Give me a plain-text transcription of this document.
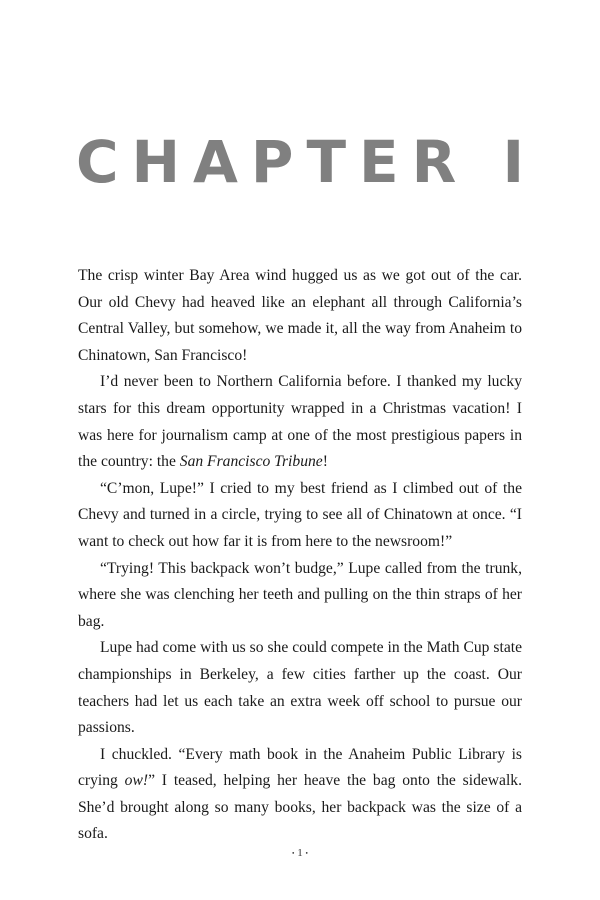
CHAPTER I

The crisp winter Bay Area wind hugged us as we got out of the car. Our old Chevy had heaved like an elephant all through California’s Central Valley, but somehow, we made it, all the way from Anaheim to Chinatown, San Francisco!

I’d never been to Northern California before. I thanked my lucky stars for this dream opportunity wrapped in a Christmas vacation! I was here for journalism camp at one of the most prestigious papers in the country: the San Francisco Tribune!

“C’mon, Lupe!” I cried to my best friend as I climbed out of the Chevy and turned in a circle, trying to see all of Chinatown at once. “I want to check out how far it is from here to the newsroom!”

“Trying! This backpack won’t budge,” Lupe called from the trunk, where she was clenching her teeth and pulling on the thin straps of her bag.

Lupe had come with us so she could compete in the Math Cup state championships in Berkeley, a few cities farther up the coast. Our teachers had let us each take an extra week off school to pursue our passions.

I chuckled. “Every math book in the Anaheim Public Library is crying ow!” I teased, helping her heave the bag onto the sidewalk. She’d brought along so many books, her backpack was the size of a sofa.

• 1 •
